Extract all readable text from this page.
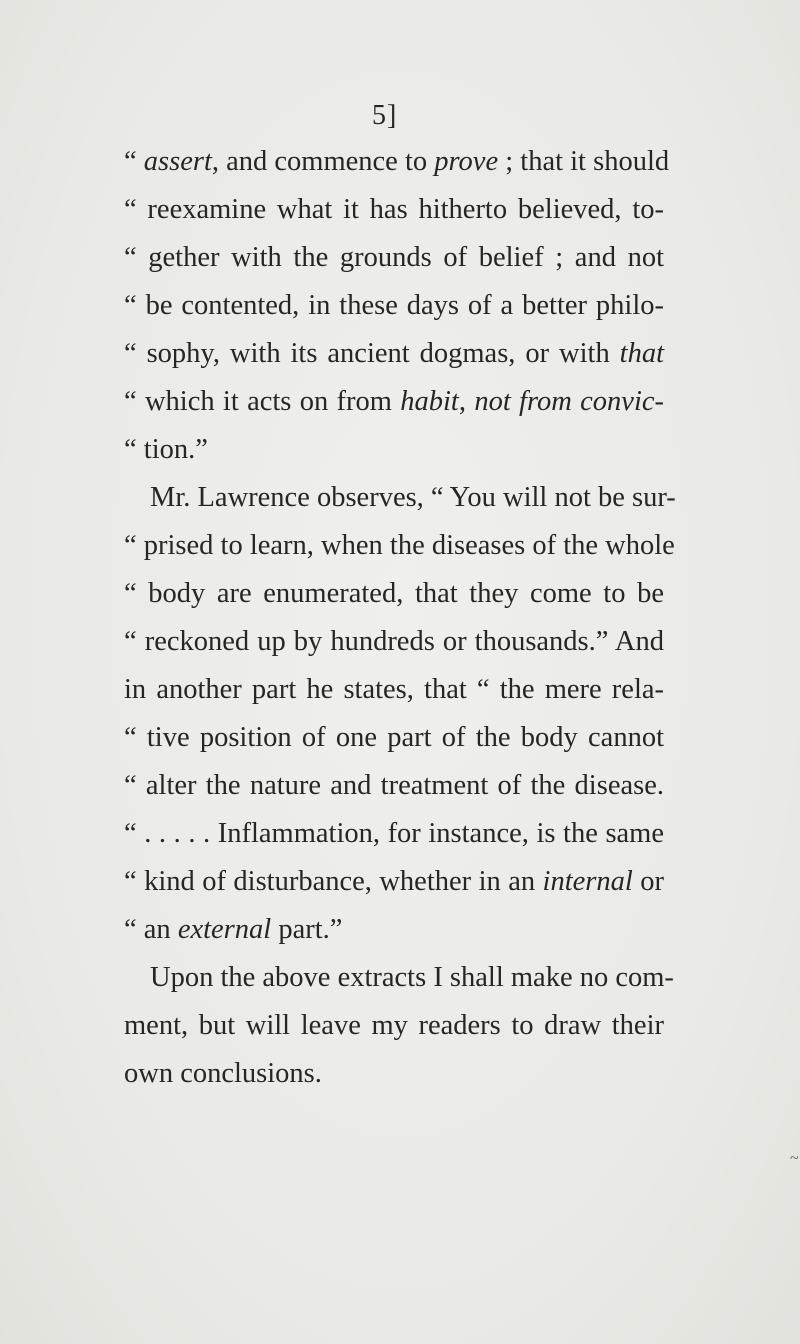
5]
“ assert, and commence to prove ; that it should
“ reexamine what it has hitherto believed, to-
“ gether with the grounds of belief ; and not
“ be contented, in these days of a better philo-
“ sophy, with its ancient dogmas, or with that
“ which it acts on from habit, not from convic-
“ tion.”
Mr. Lawrence observes, “ You will not be sur-
“ prised to learn, when the diseases of the whole
“ body are enumerated, that they come to be
“ reckoned up by hundreds or thousands.” And
in another part he states, that “ the mere rela-
“ tive position of one part of the body cannot
“ alter the nature and treatment of the disease.
“ . . . . . Inflammation, for instance, is the same
“ kind of disturbance, whether in an internal or
“ an external part.”
Upon the above extracts I shall make no com-
ment, but will leave my readers to draw their
own conclusions.
~
